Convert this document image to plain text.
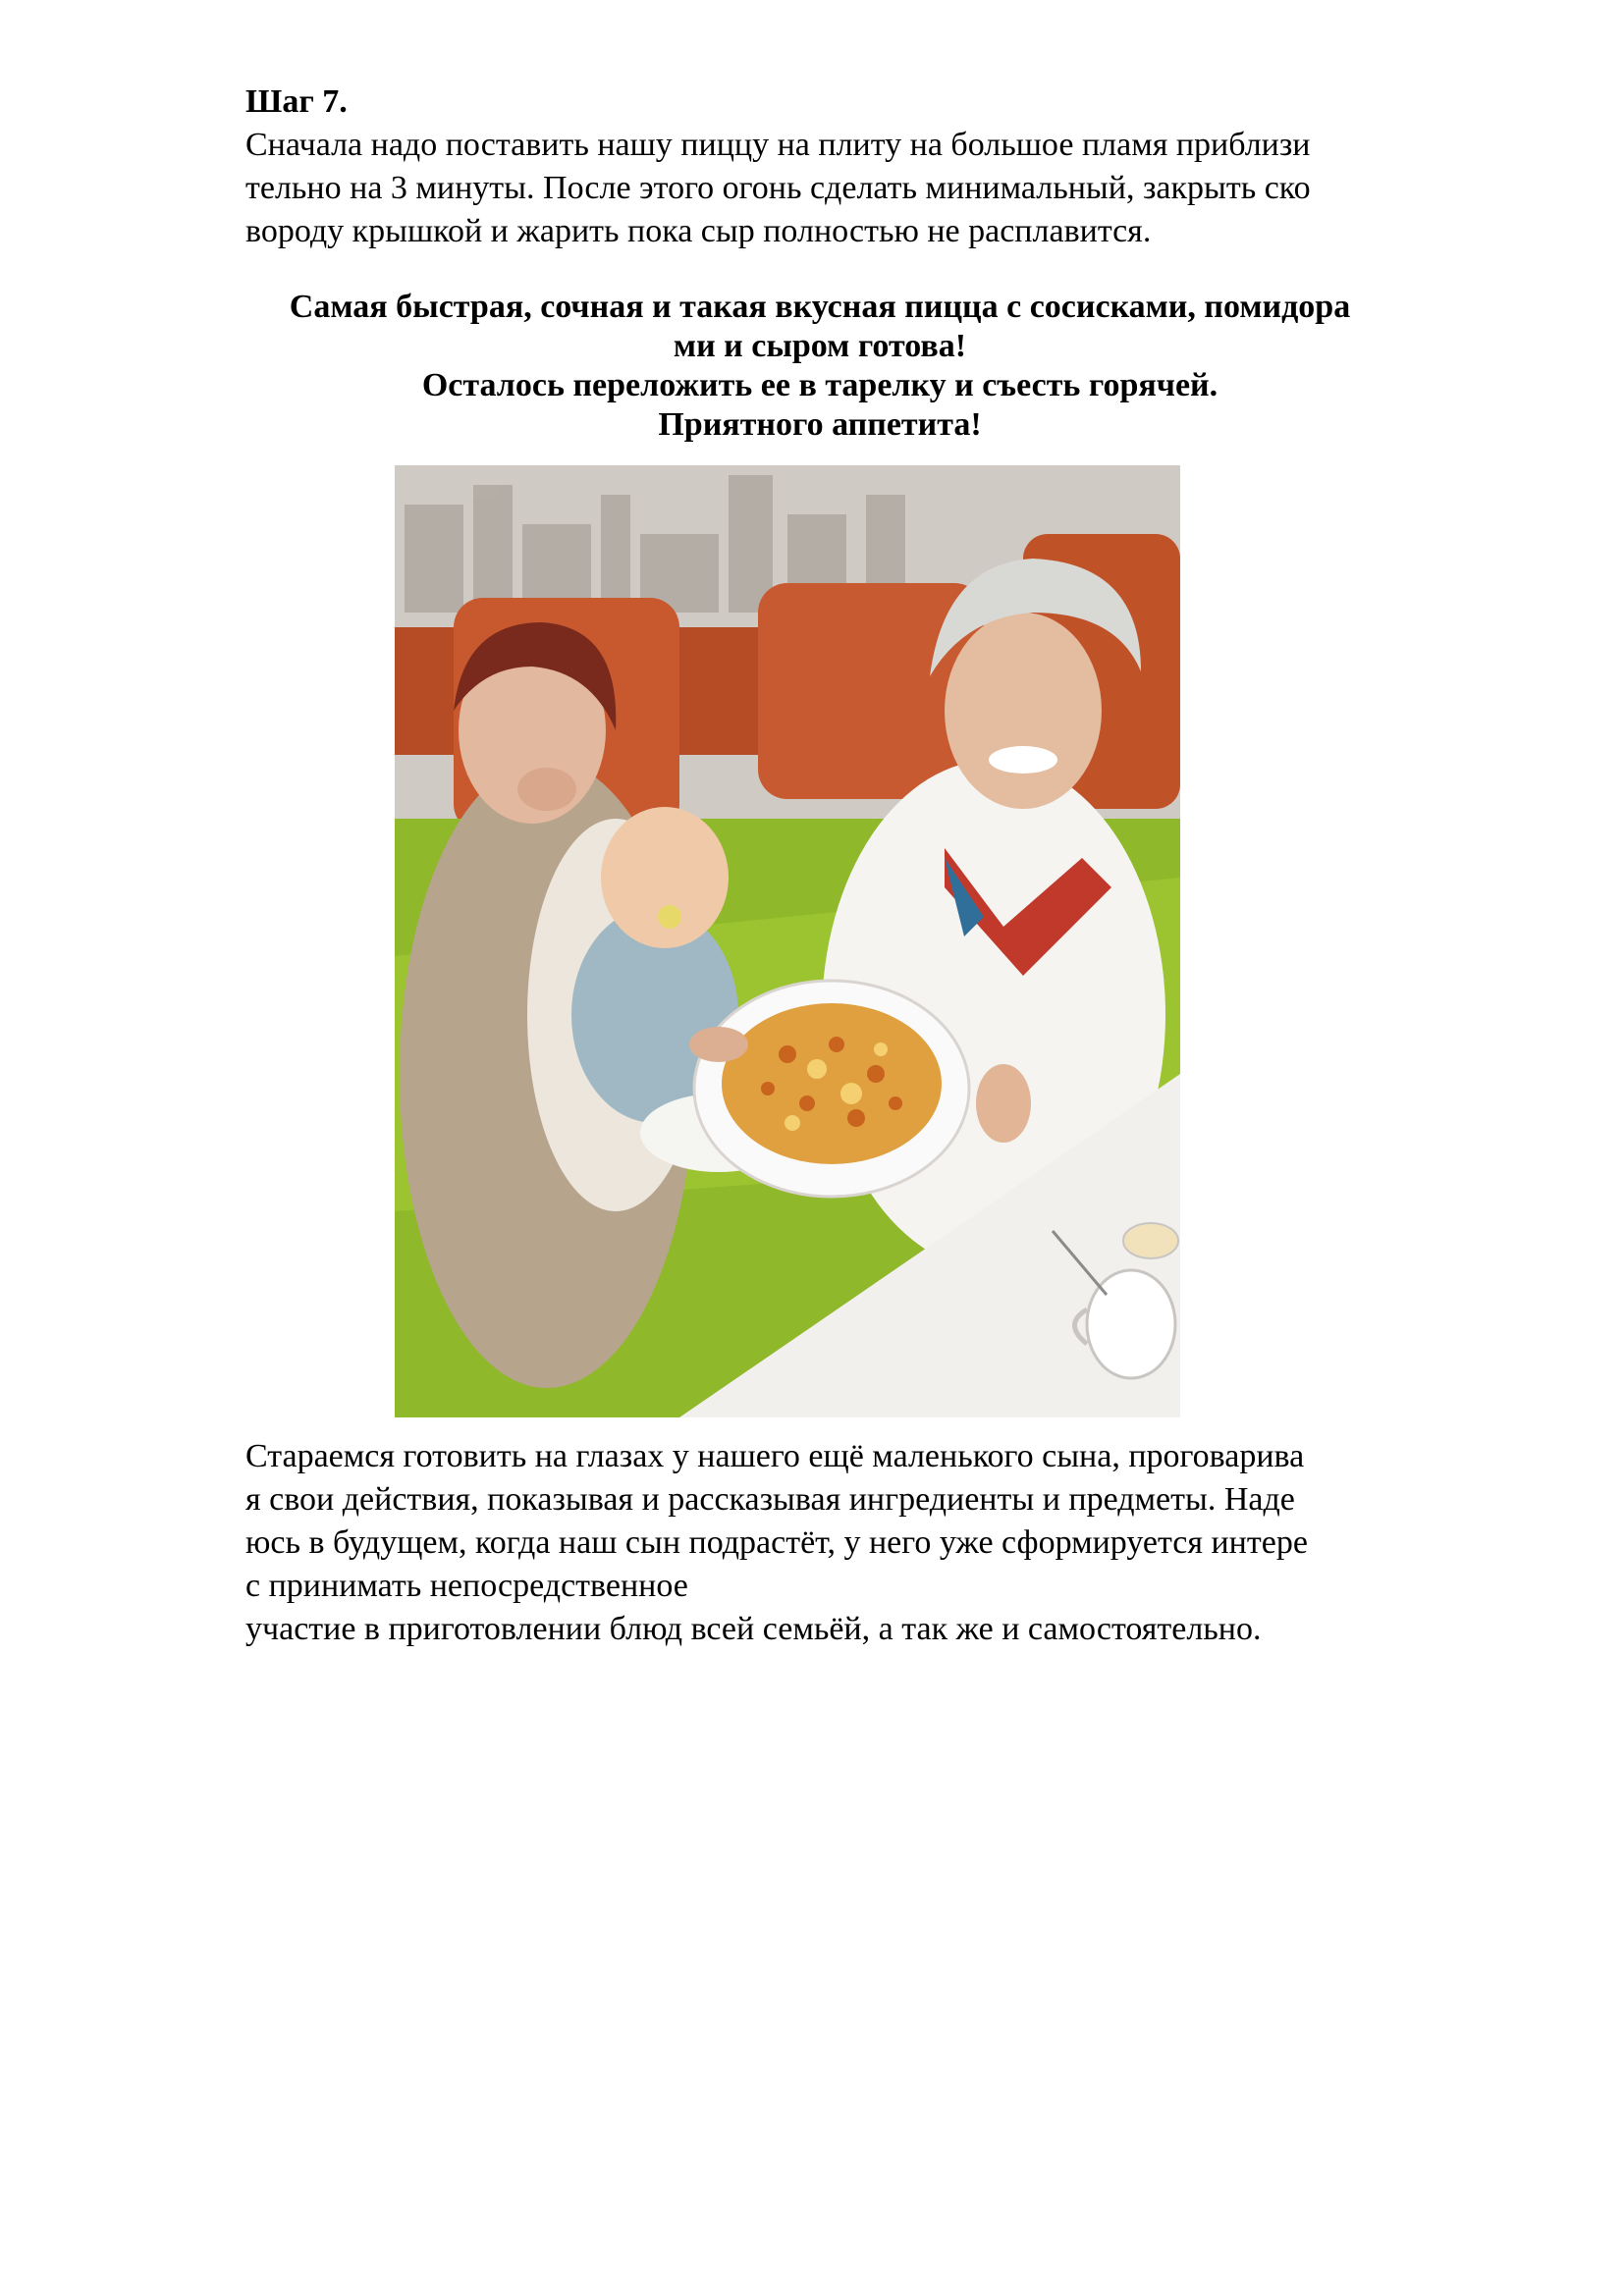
Шаг 7.
Сначала надо поставить нашу пиццу на плиту на большое пламя приблизи
тельно на 3 минуты. После этого огонь сделать минимальный, закрыть ско
вороду крышкой и жарить пока сыр полностью не расплавится.
Самая быстрая, сочная и такая вкусная пицца с сосисками, помидора
ми и сыром готова!
Осталось переложить ее в тарелку и съесть горячей.
Приятного аппетита!
Стараемся готовить на глазах у нашего ещё маленького сына, проговарива
я свои действия, показывая и рассказывая ингредиенты и предметы. Наде
юсь в будущем, когда наш сын подрастёт, у него уже сформируется интере
с принимать непосредственное
участие в приготовлении блюд всей семьёй, а так же и самостоятельно.
